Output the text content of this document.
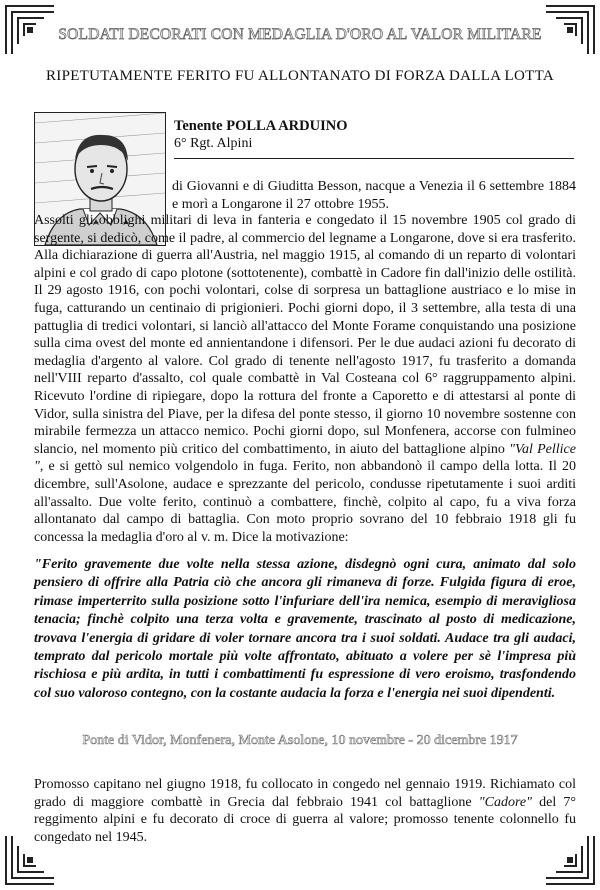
SOLDATI DECORATI CON MEDAGLIA D'ORO AL VALOR MILITARE
RIPETUTAMENTE FERITO FU ALLONTANATO DI FORZA DALLA LOTTA
Tenente POLLA ARDUINO
6° Rgt. Alpini
di Giovanni e di Giuditta Besson, nacque a Venezia il 6 settembre 1884 e morì a Longarone il 27 ottobre 1955.
Assolti gli obblighi militari di leva in fanteria e congedato il 15 novembre 1905 col grado di sergente, si dedicò, come il padre, al commercio del legname a Longarone, dove si era trasferito. Alla dichiarazione di guerra all'Austria, nel maggio 1915, al comando di un reparto di volontari alpini e col grado di capo plotone (sottotenente), combattè in Cadore fin dall'inizio delle ostilità. Il 29 agosto 1916, con pochi volontari, colse di sorpresa un battaglione austriaco e lo mise in fuga, catturando un centinaio di prigionieri. Pochi giorni dopo, il 3 settembre, alla testa di una pattuglia di tredici volontari, si lanciò all'attacco del Monte Forame conquistando una posizione sulla cima ovest del monte ed annientandone i difensori. Per le due audaci azioni fu decorato di medaglia d'argento al valore. Col grado di tenente nell'agosto 1917, fu trasferito a domanda nell'VIII reparto d'assalto, col quale combattè in Val Costeana col 6° raggruppamento alpini. Ricevuto l'ordine di ripiegare, dopo la rottura del fronte a Caporetto e di attestarsi al ponte di Vidor, sulla sinistra del Piave, per la difesa del ponte stesso, il giorno 10 novembre sostenne con mirabile fermezza un attacco nemico. Pochi giorni dopo, sul Monfenera, accorse con fulmineo slancio, nel momento più critico del combattimento, in aiuto del battaglione alpino "Val Pellice ", e si gettò sul nemico volgendolo in fuga. Ferito, non abbandonò il campo della lotta. Il 20 dicembre, sull'Asolone, audace e sprezzante del pericolo, condusse ripetutamente i suoi arditi all'assalto. Due volte ferito, continuò a combattere, finchè, colpito al capo, fu a viva forza allontanato dal campo di battaglia. Con moto proprio sovrano del 10 febbraio 1918 gli fu concessa la medaglia d'oro al v. m. Dice la motivazione:
"Ferito gravemente due volte nella stessa azione, disdegnò ogni cura, animato dal solo pensiero di offrire alla Patria ciò che ancora gli rimaneva di forze. Fulgida figura di eroe, rimase imperterrito sulla posizione sotto l'infuriare dell'ira nemica, esempio di meravigliosa tenacia; finchè colpito una terza volta e gravemente, trascinato al posto di medicazione, trovava l'energia di gridare di voler tornare ancora tra i suoi soldati. Audace tra gli audaci, temprato dal pericolo mortale più volte affrontato, abituato a volere per sè l'impresa più rischiosa e più ardita, in tutti i combattimenti fu espressione di vero eroismo, trasfondendo col suo valoroso contegno, con la costante audacia la forza e l'energia nei suoi dipendenti.
Ponte di Vidor, Monfenera, Monte Asolone, 10 novembre - 20 dicembre 1917
Promosso capitano nel giugno 1918, fu collocato in congedo nel gennaio 1919. Richiamato col grado di maggiore combattè in Grecia dal febbraio 1941 col battaglione "Cadore" del 7° reggimento alpini e fu decorato di croce di guerra al valore; promosso tenente colonnello fu congedato nel 1945.
